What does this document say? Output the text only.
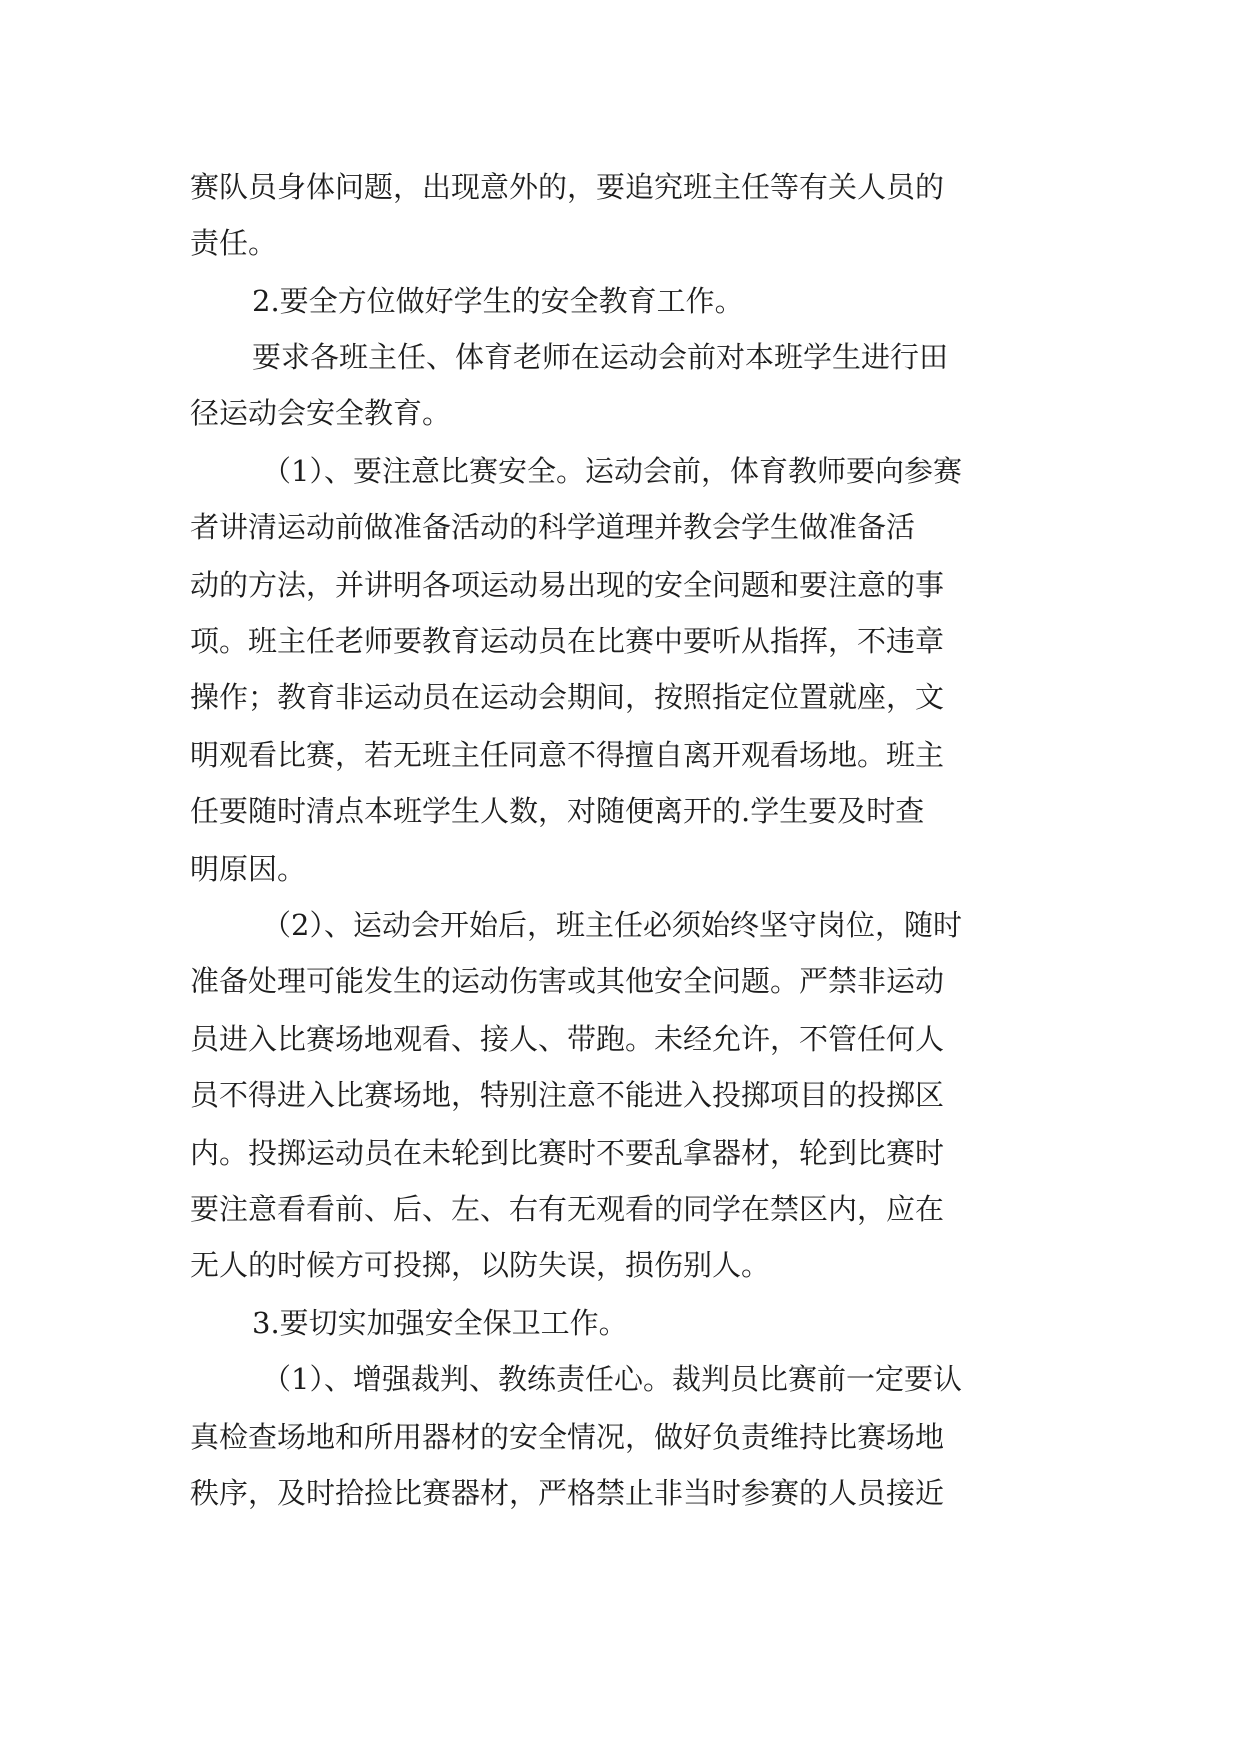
赛队员身体问题，出现意外的，要追究班主任等有关人员的
责任。
2.要全方位做好学生的安全教育工作。
要求各班主任、体育老师在运动会前对本班学生进行田
径运动会安全教育。
（1）、要注意比赛安全。运动会前，体育教师要向参赛
者讲清运动前做准备活动的科学道理并教会学生做准备活
动的方法，并讲明各项运动易出现的安全问题和要注意的事
项。班主任老师要教育运动员在比赛中要听从指挥，不违章
操作；教育非运动员在运动会期间，按照指定位置就座，文
明观看比赛，若无班主任同意不得擅自离开观看场地。班主
任要随时清点本班学生人数，对随便离开的.学生要及时查
明原因。
（2）、运动会开始后，班主任必须始终坚守岗位，随时
准备处理可能发生的运动伤害或其他安全问题。严禁非运动
员进入比赛场地观看、接人、带跑。未经允许，不管任何人
员不得进入比赛场地，特别注意不能进入投掷项目的投掷区
内。投掷运动员在未轮到比赛时不要乱拿器材，轮到比赛时
要注意看看前、后、左、右有无观看的同学在禁区内，应在
无人的时候方可投掷，以防失误，损伤别人。
3.要切实加强安全保卫工作。
（1）、增强裁判、教练责任心。裁判员比赛前一定要认
真检查场地和所用器材的安全情况，做好负责维持比赛场地
秩序，及时拾捡比赛器材，严格禁止非当时参赛的人员接近
